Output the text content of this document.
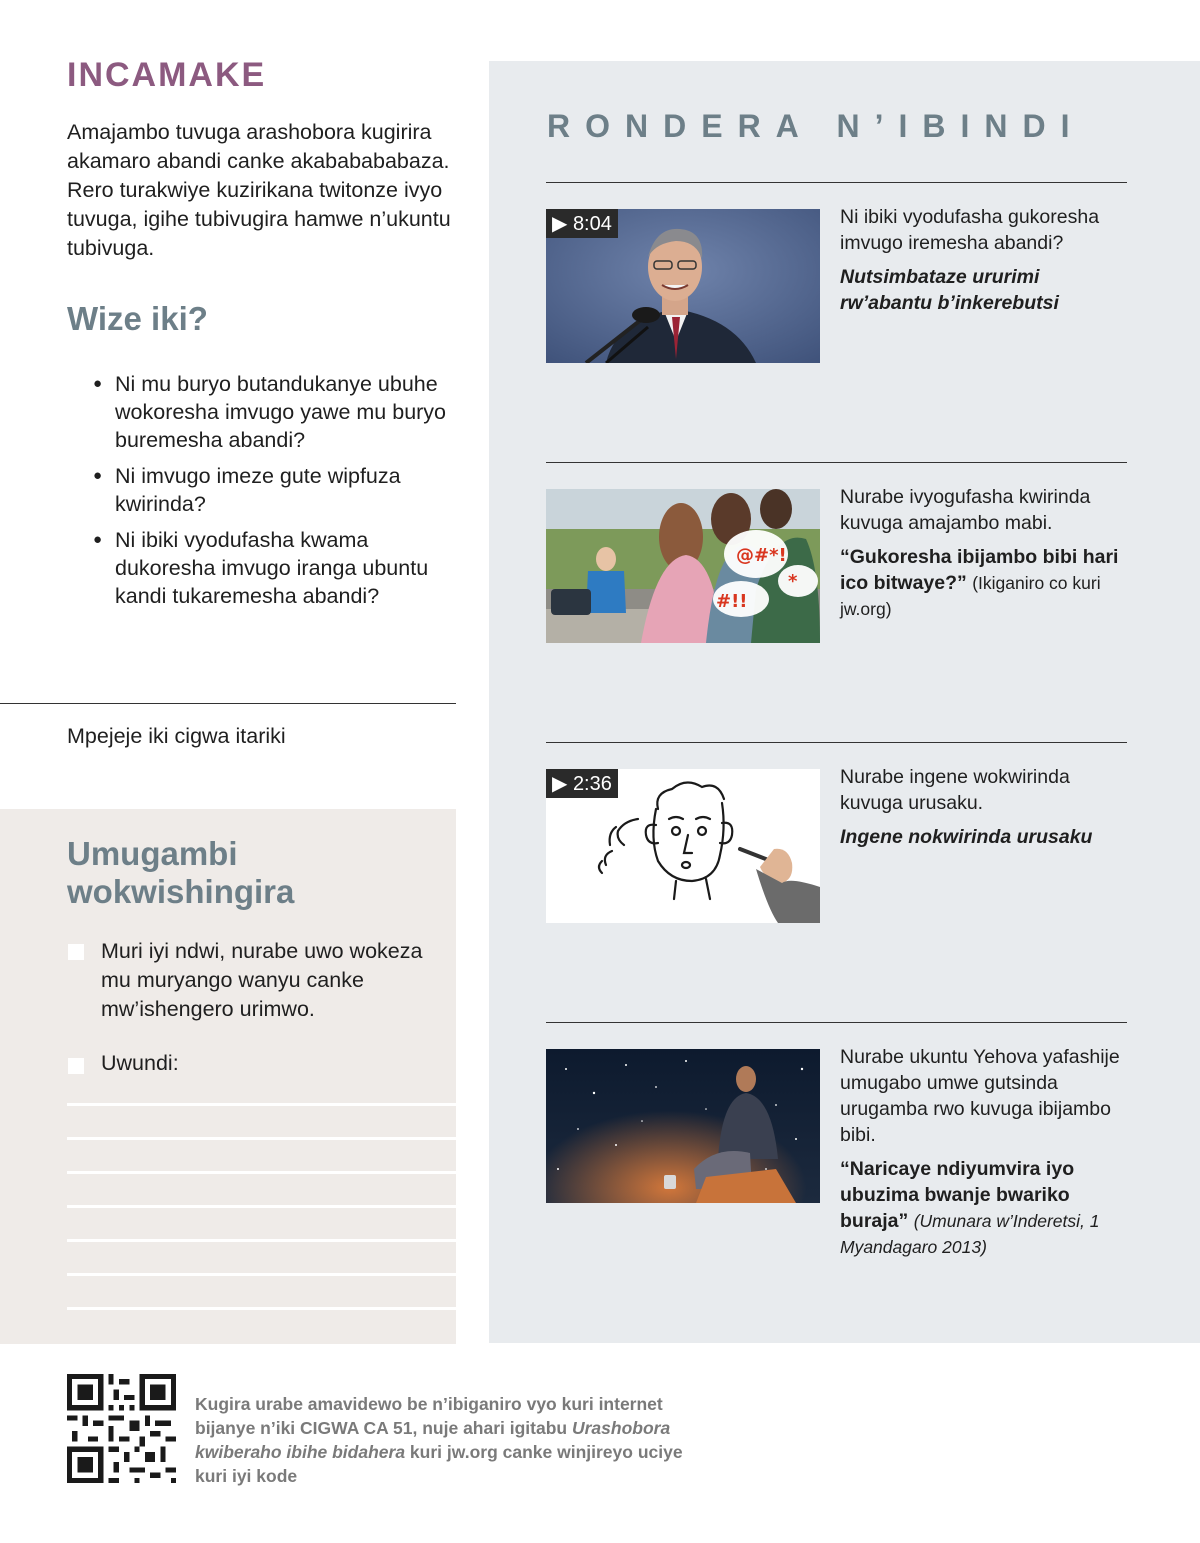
INCAMAKE
Amajambo tuvuga arashobora kugirira akamaro abandi canke akababababaza. Rero turakwiye kuzirikana twitonze ivyo tuvuga, igihe tubivugira hamwe n’ukuntu tubivuga.
Wize iki?
● Ni mu buryo butandukanye ubuhe wokoresha imvugo yawe mu buryo buremesha abandi?
● Ni imvugo imeze gute wipfuza kwirinda?
● Ni ibiki vyodufasha kwama dukoresha imvugo iranga ubuntu kandi tukaremesha abandi?
Mpejeje iki cigwa itariki
Umugambi
wokwishingira
Muri iyi ndwi, nurabe uwo wokeza mu muryango wanyu canke mw’ishengero urimwo.
Uwundi:
RONDERA N’IBINDI
▶ 8:04	Ni ibiki vyodufasha gukoresha imvugo iremesha abandi?
Nutsimbataze ururimi rw’abantu b’inkerebutsi
@#*!
#!!
*
Nurabe ivyogufasha kwirinda kuvuga amajambo mabi.
“Gukoresha ibijambo bibi hari ico bitwaye?” (Ikiganiro co kuri jw.org)
▶ 2:36	Nurabe ingene wokwirinda kuvuga urusaku.
Ingene nokwirinda urusaku
Nurabe ukuntu Yehova yafashije umugabo umwe gutsinda urugamba rwo kuvuga ibijambo bibi.
“Naricaye ndiyumvira iyo ubuzima bwanje bwariko buraja” (Umunara w’Inderetsi, 1 Myandagaro 2013)
Kugira urabe amavidewo be n’ibiganiro vyo kuri internet bijanye n’iki CIGWA CA 51, nuje ahari igitabu Urashobora kwiberaho ibihe bidahera kuri jw.org canke winjireyo uciye kuri iyi kode
